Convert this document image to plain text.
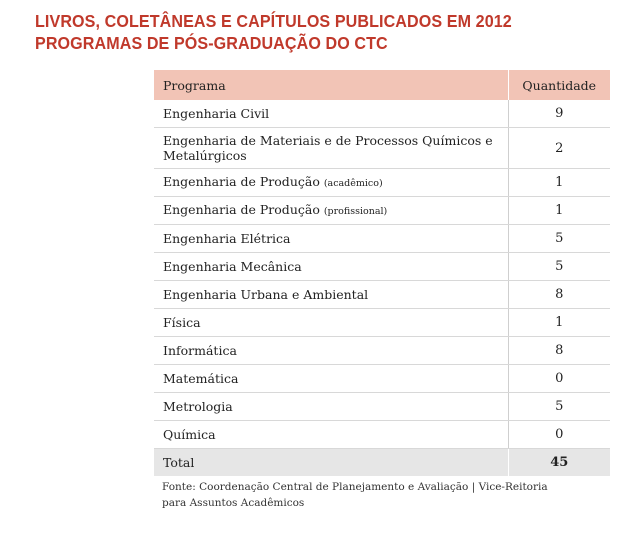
LIVROS, COLETÂNEAS E CAPÍTULOS PUBLICADOS EM 2012
PROGRAMAS DE PÓS-GRADUAÇÃO DO CTC
Programa	Quantidade
Engenharia Civil	9
Engenharia de Materiais e de Processos Químicos e Metalúrgicos	2
Engenharia de Produção (acadêmico)	1
Engenharia de Produção (profissional)	1
Engenharia Elétrica	5
Engenharia Mecânica	5
Engenharia Urbana e Ambiental	8
Física	1
Informática	8
Matemática	0
Metrologia	5
Química	0
Total	45
Fonte: Coordenação Central de Planejamento e Avaliação | Vice-Reitoria
para Assuntos Acadêmicos
